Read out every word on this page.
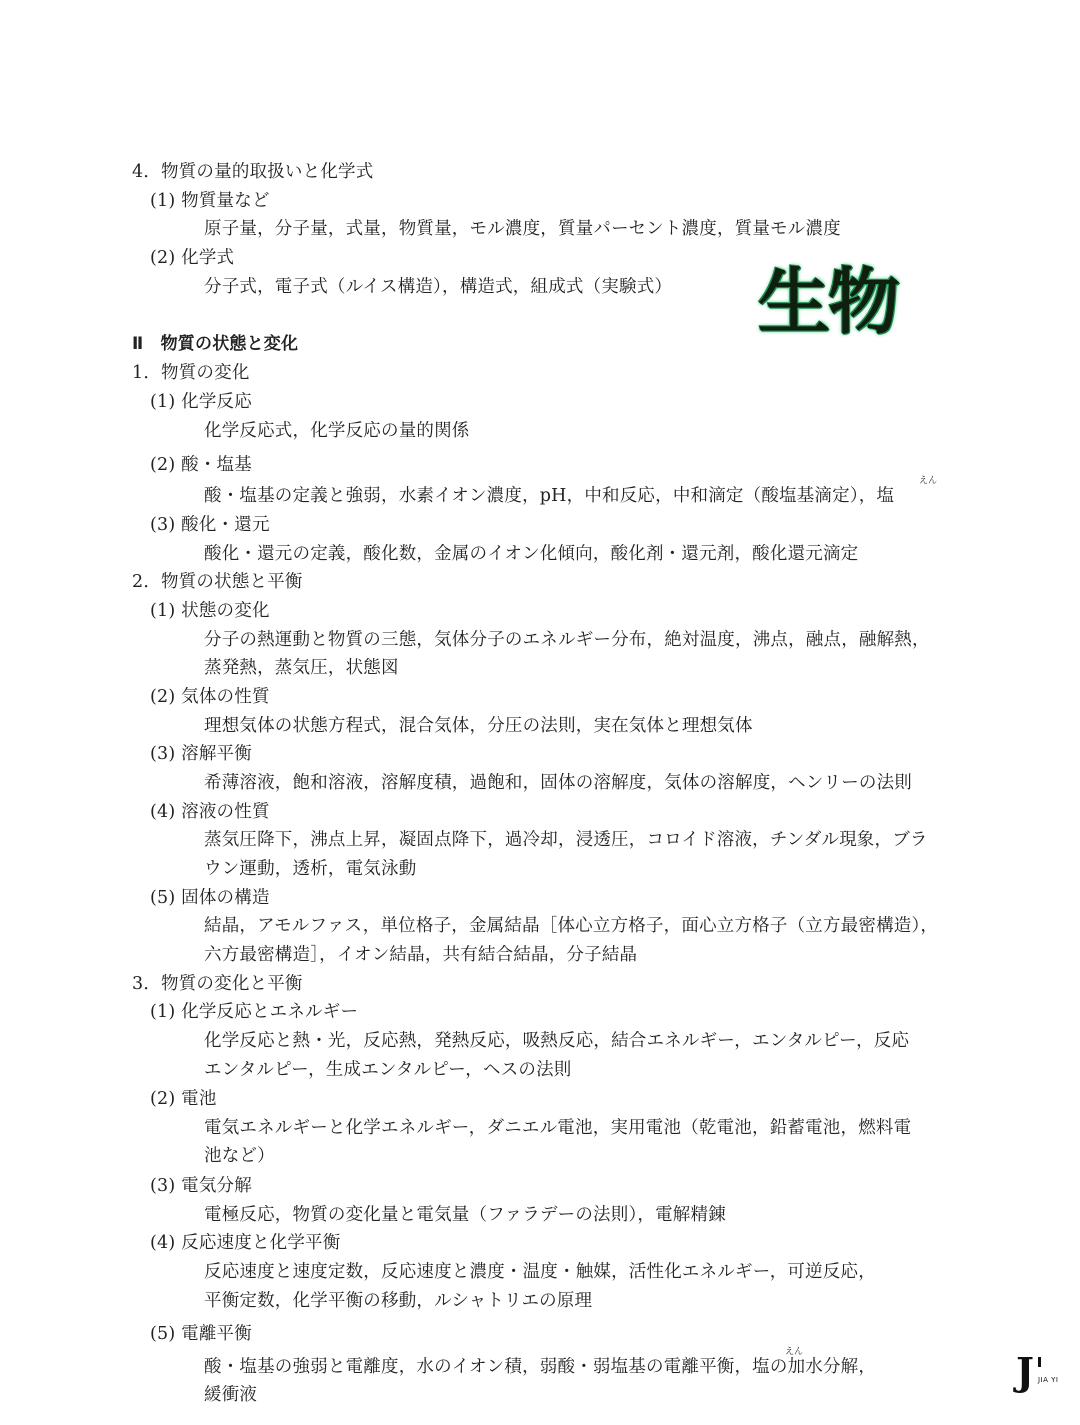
4．物質の量的取扱いと化学式
(1) 物質量など
原子量，分子量，式量，物質量，モル濃度，質量パーセント濃度，質量モル濃度
(2) 化学式
分子式，電子式（ルイス構造），構造式，組成式（実験式） 生物
Ⅱ　物質の状態と変化
1．物質の変化
(1) 化学反応
化学反応式，化学反応の量的関係
(2) 酸・塩基
えん
酸・塩基の定義と強弱，水素イオン濃度，pH，中和反応，中和滴定（酸塩基滴定），塩
(3) 酸化・還元
酸化・還元の定義，酸化数，金属のイオン化傾向，酸化剤・還元剤，酸化還元滴定
2．物質の状態と平衡
(1) 状態の変化
分子の熱運動と物質の三態，気体分子のエネルギー分布，絶対温度，沸点，融点，融解熱，
蒸発熱，蒸気圧，状態図
(2) 気体の性質
理想気体の状態方程式，混合気体，分圧の法則，実在気体と理想気体
(3) 溶解平衡
希薄溶液，飽和溶液，溶解度積，過飽和，固体の溶解度，気体の溶解度，ヘンリーの法則
(4) 溶液の性質
蒸気圧降下，沸点上昇，凝固点降下，過冷却，浸透圧，コロイド溶液，チンダル現象，ブラ
ウン運動，透析，電気泳動
(5) 固体の構造
結晶，アモルファス，単位格子，金属結晶［体心立方格子，面心立方格子（立方最密構造），
六方最密構造］，イオン結晶，共有結合結晶，分子結晶
3．物質の変化と平衡
(1) 化学反応とエネルギー
化学反応と熱・光，反応熱，発熱反応，吸熱反応，結合エネルギー，エンタルピー，反応
エンタルピー，生成エンタルピー，ヘスの法則
(2) 電池
電気エネルギーと化学エネルギー，ダニエル電池，実用電池（乾電池，鉛蓄電池，燃料電
池など）
(3) 電気分解
電極反応，物質の変化量と電気量（ファラデーの法則），電解精錬
(4) 反応速度と化学平衡
反応速度と速度定数，反応速度と濃度・温度・触媒，活性化エネルギー，可逆反応，
平衡定数，化学平衡の移動，ルシャトリエの原理
(5) 電離平衡
えん
酸・塩基の強弱と電離度，水のイオン積，弱酸・弱塩基の電離平衡，塩の加水分解，
緩衝液
J JIA YI
